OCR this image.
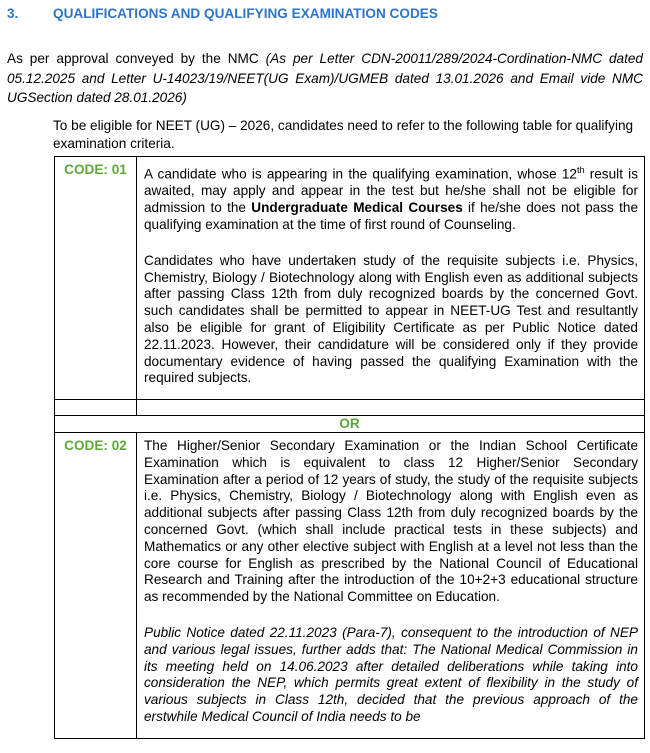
3.	QUALIFICATIONS AND QUALIFYING EXAMINATION CODES
As per approval conveyed by the NMC (As per Letter CDN-20011/289/2024-Cordination-NMC dated 05.12.2025 and Letter U-14023/19/NEET(UG Exam)/UGMEB dated 13.01.2026 and Email vide NMC UGSection dated 28.01.2026)
To be eligible for NEET (UG) – 2026, candidates need to refer to the following table for qualifying examination criteria.
CODE: 01	A candidate who is appearing in the qualifying examination, whose 12th result is awaited, may apply and appear in the test but he/she shall not be eligible for admission to the Undergraduate Medical Courses if he/she does not pass the qualifying examination at the time of first round of Counseling.
Candidates who have undertaken study of the requisite subjects i.e. Physics, Chemistry, Biology / Biotechnology along with English even as additional subjects after passing Class 12th from duly recognized boards by the concerned Govt. such candidates shall be permitted to appear in NEET-UG Test and resultantly also be eligible for grant of Eligibility Certificate as per Public Notice dated 22.11.2023. However, their candidature will be considered only if they provide documentary evidence of having passed the qualifying Examination with the required subjects.

OR	
CODE: 02	The Higher/Senior Secondary Examination or the Indian School Certificate Examination which is equivalent to class 12 Higher/Senior Secondary Examination after a period of 12 years of study, the study of the requisite subjects i.e. Physics, Chemistry, Biology / Biotechnology along with English even as additional subjects after passing Class 12th from duly recognized boards by the concerned Govt. (which shall include practical tests in these subjects) and Mathematics or any other elective subject with English at a level not less than the core course for English as prescribed by the National Council of Educational Research and Training after the introduction of the 10+2+3 educational structure as recommended by the National Committee on Education.
Public Notice dated 22.11.2023 (Para-7), consequent to the introduction of NEP and various legal issues, further adds that: The National Medical Commission in its meeting held on 14.06.2023 after detailed deliberations while taking into consideration the NEP, which permits great extent of flexibility in the study of various subjects in Class 12th, decided that the previous approach of the erstwhile Medical Council of India needs to be
